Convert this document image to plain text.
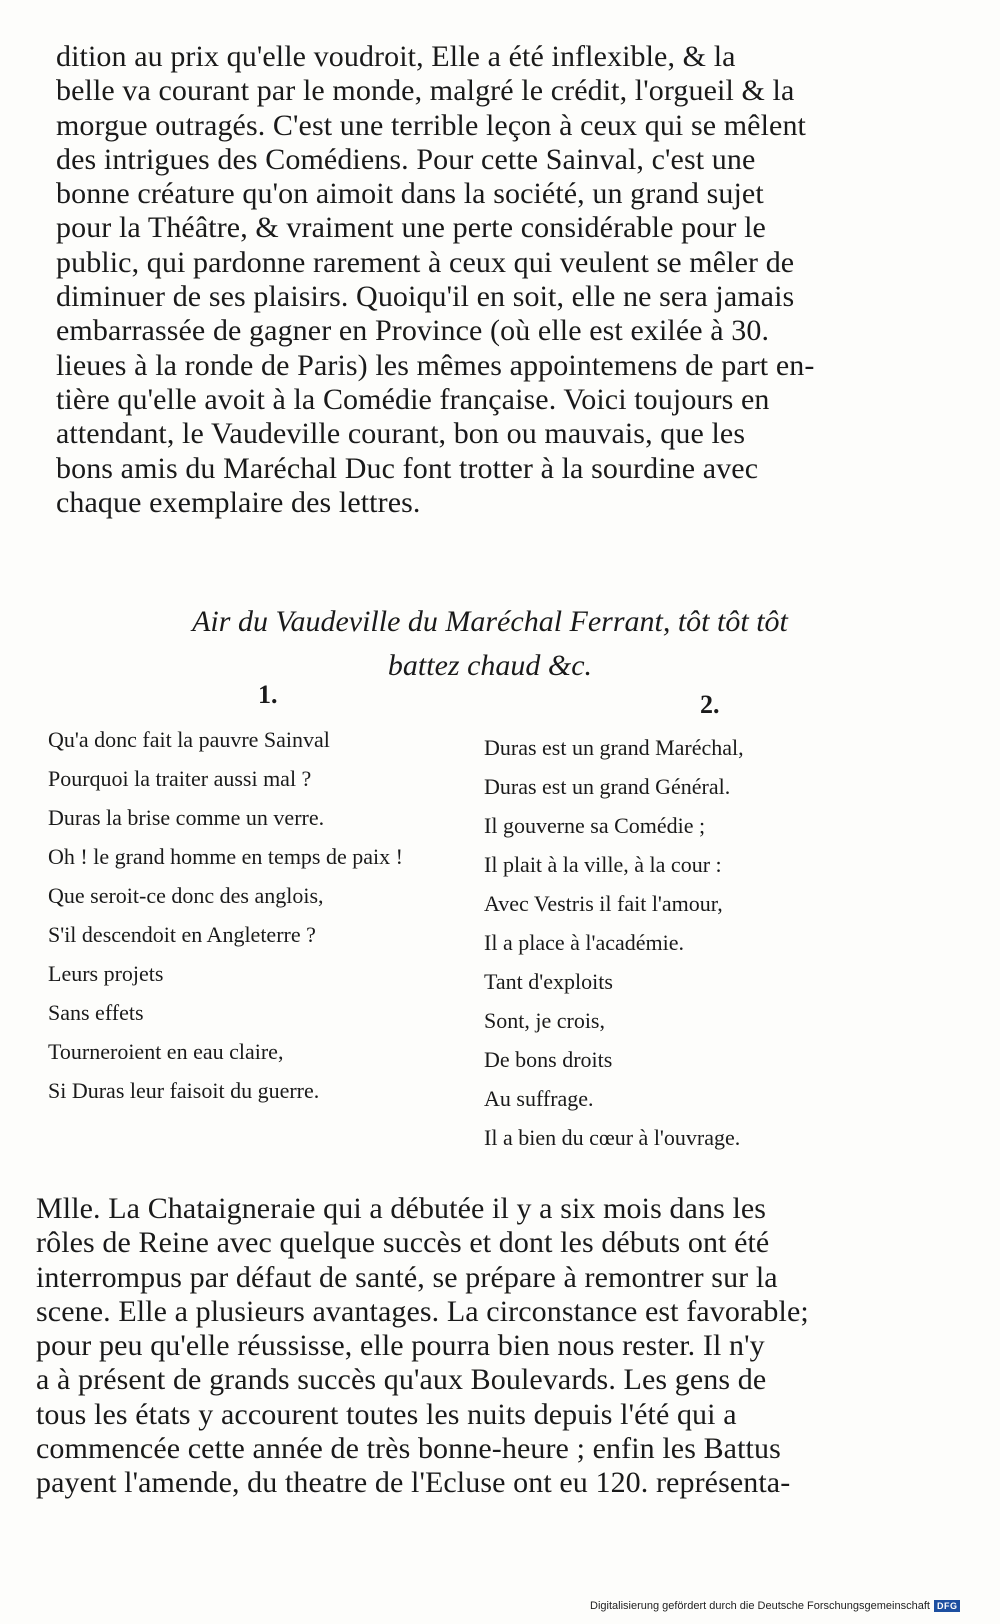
dition au prix qu'elle voudroit, Elle a été inflexible, & la
belle va courant par le monde, malgré le crédit, l'orgueil & la
morgue outragés. C'est une terrible leçon à ceux qui se mêlent
des intrigues des Comédiens. Pour cette Sainval, c'est une
bonne créature qu'on aimoit dans la société, un grand sujet
pour la Théâtre, & vraiment une perte considérable pour le
public, qui pardonne rarement à ceux qui veulent se mêler de
diminuer de ses plaisirs. Quoiqu'il en soit, elle ne sera jamais
embarrassée de gagner en Province (où elle est exilée à 30.
lieues à la ronde de Paris) les mêmes appointemens de part en-
tière qu'elle avoit à la Comédie française. Voici toujours en
attendant, le Vaudeville courant, bon ou mauvais, que les
bons amis du Maréchal Duc font trotter à la sourdine avec
chaque exemplaire des lettres.
Air du Vaudeville du Maréchal Ferrant, tôt tôt tôt
battez chaud &c.
1.	2.
Qu'a donc fait la pauvre Sainval
Pourquoi la traiter aussi mal ?
Duras la brise comme un verre.
Oh ! le grand homme en temps de paix !
Que seroit-ce donc des anglois,
S'il descendoit en Angleterre ?
Leurs projets
Sans effets
Tourneroient en eau claire,
Si Duras leur faisoit du guerre.
Duras est un grand Maréchal,
Duras est un grand Général.
Il gouverne sa Comédie ;
Il plait à la ville, à la cour :
Avec Vestris il fait l'amour,
Il a place à l'académie.
Tant d'exploits
Sont, je crois,
De bons droits
Au suffrage.
Il a bien du cœur à l'ouvrage.
Mlle. La Chataigneraie qui a débutée il y a six mois dans les
rôles de Reine avec quelque succès et dont les débuts ont été
interrompus par défaut de santé, se prépare à remontrer sur la
scene. Elle a plusieurs avantages. La circonstance est favorable;
pour peu qu'elle réussisse, elle pourra bien nous rester. Il n'y
a à présent de grands succès qu'aux Boulevards. Les gens de
tous les états y accourent toutes les nuits depuis l'été qui a
commencée cette année de très bonne-heure ; enfin les Battus
payent l'amende, du theatre de l'Ecluse ont eu 120. représenta-
Digitalisierung gefördert durch die Deutsche Forschungsgemeinschaft DFG
